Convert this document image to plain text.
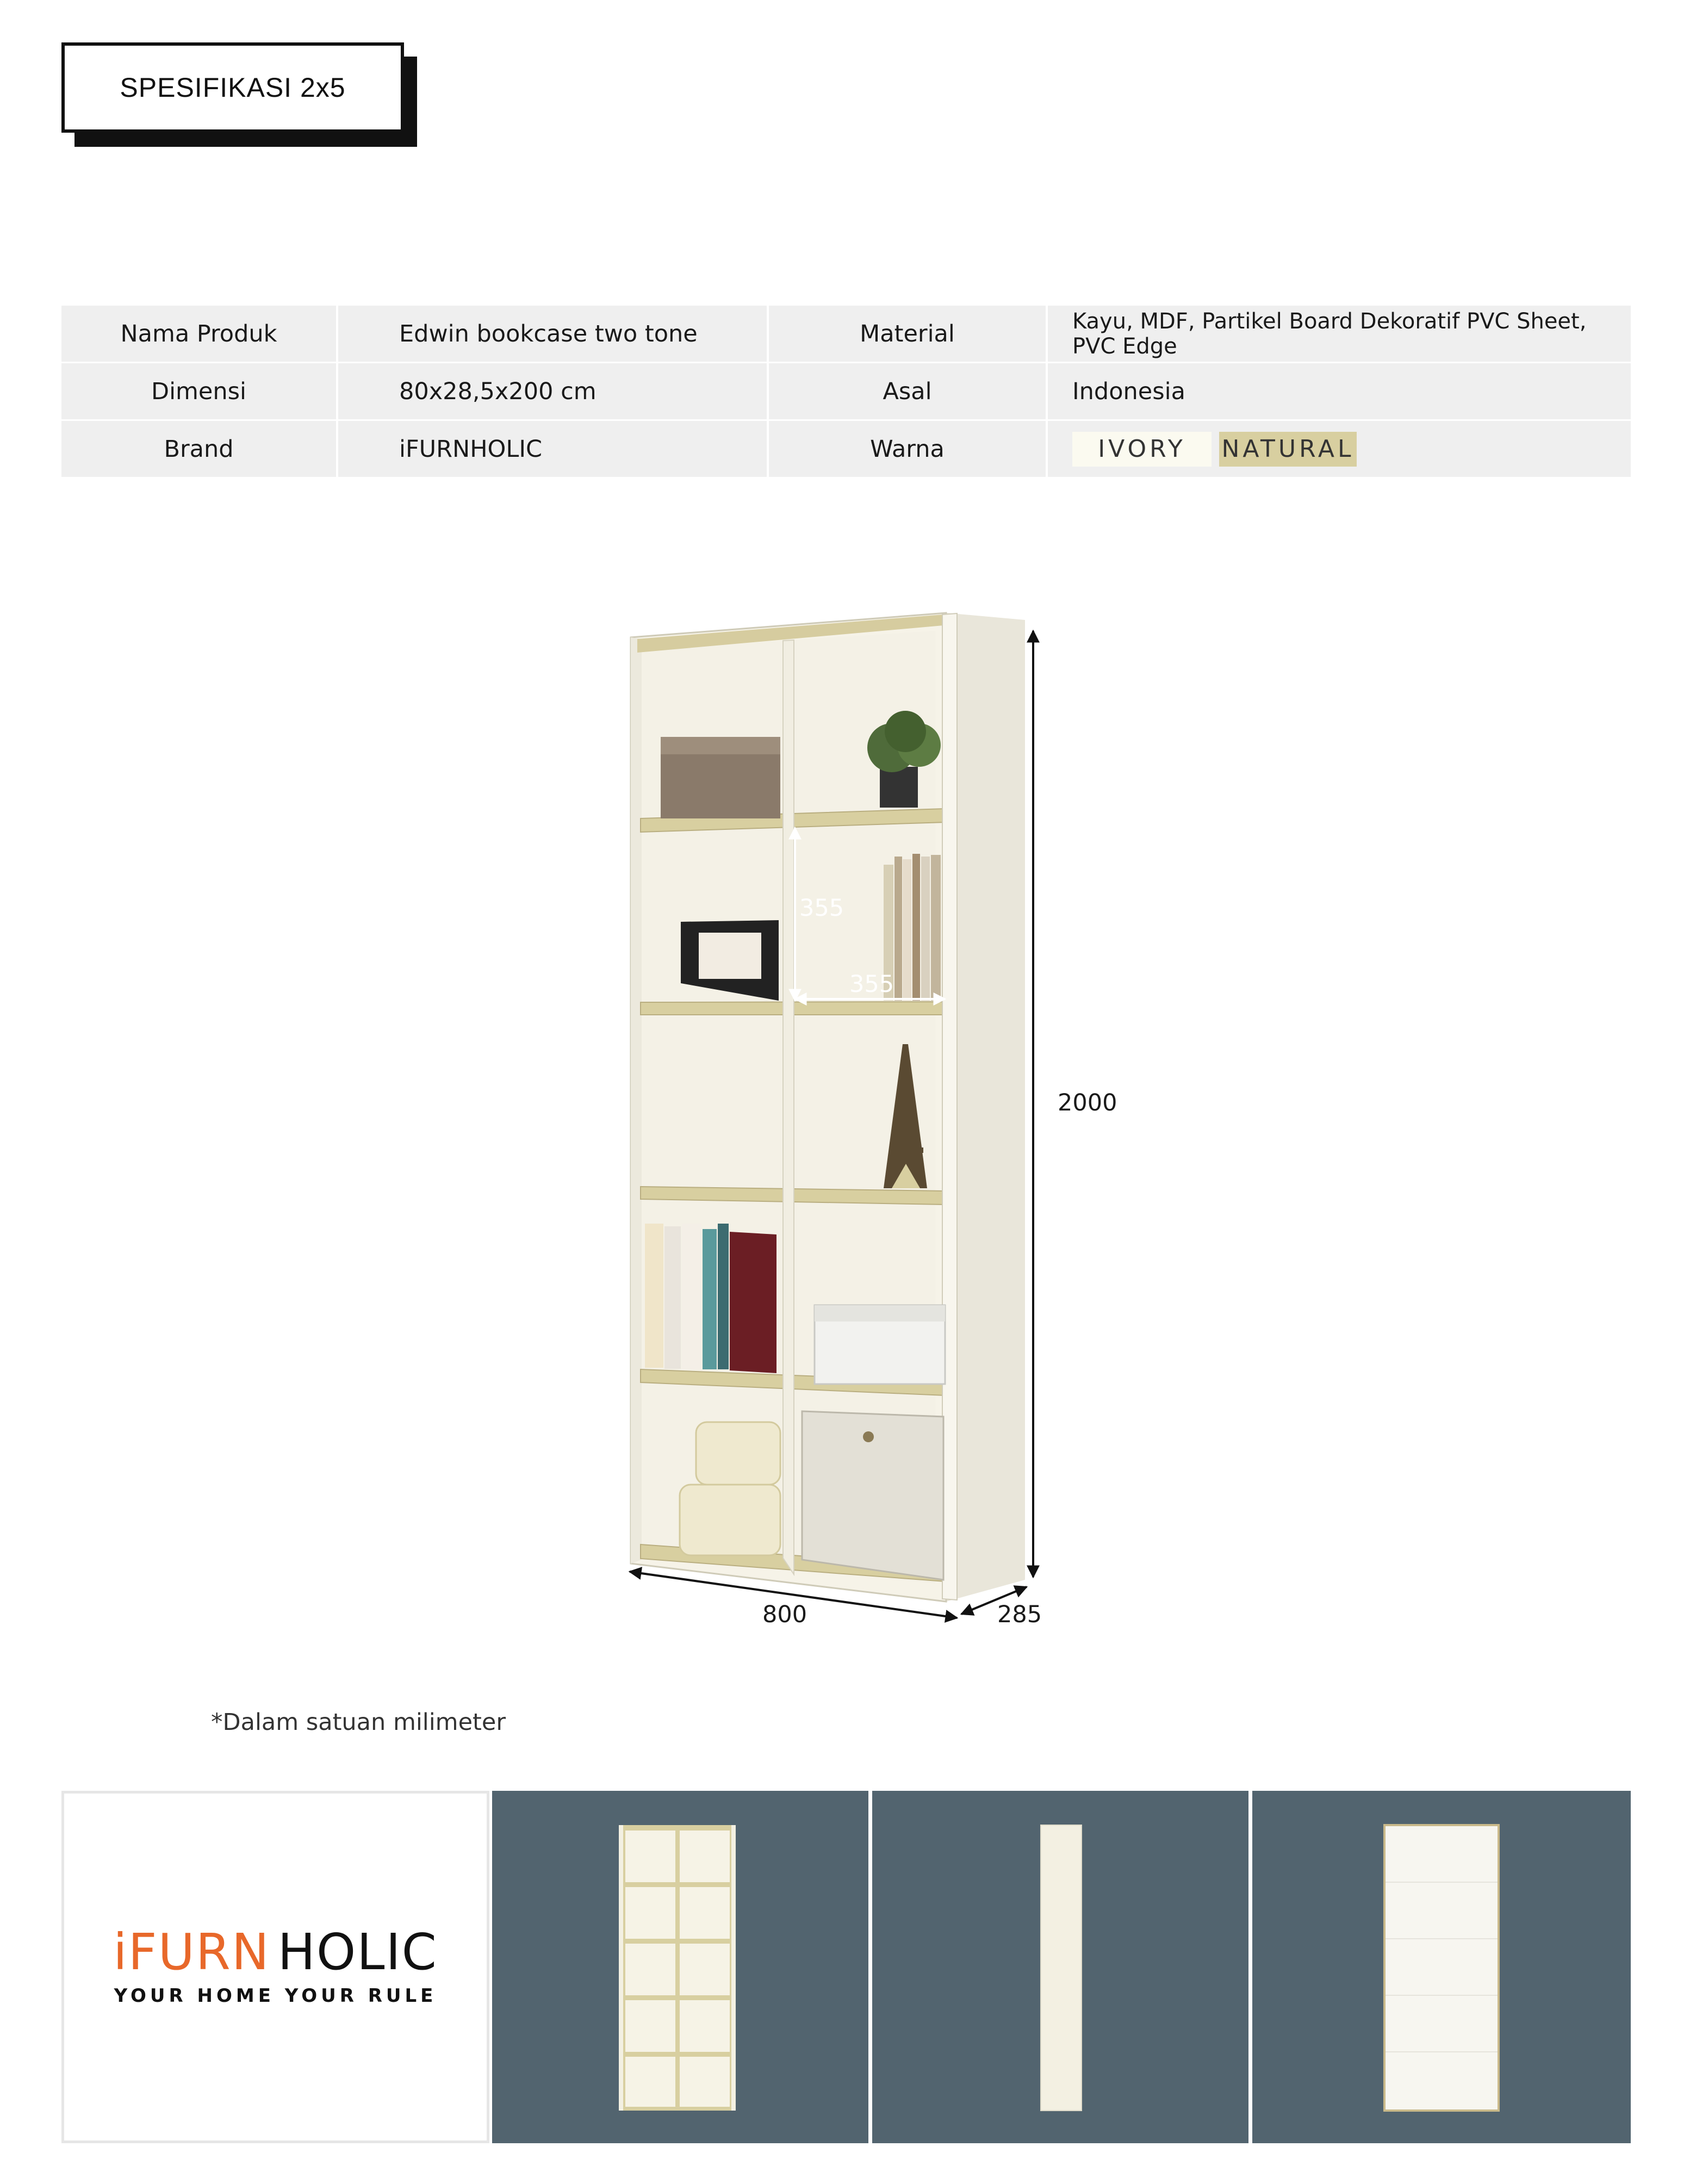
SPESIFIKASI 2x5
Nama Produk	Edwin bookcase two tone	Material	Kayu, MDF, Partikel Board Dekoratif PVC Sheet, PVC Edge
Dimensi	80x28,5x200 cm	Asal	Indonesia
Brand	iFURNHOLIC	Warna	IVORY	NATURAL
2000
800	285
355
355
*Dalam satuan milimeter
iFURN HOLIC
YOUR HOME YOUR RULE
